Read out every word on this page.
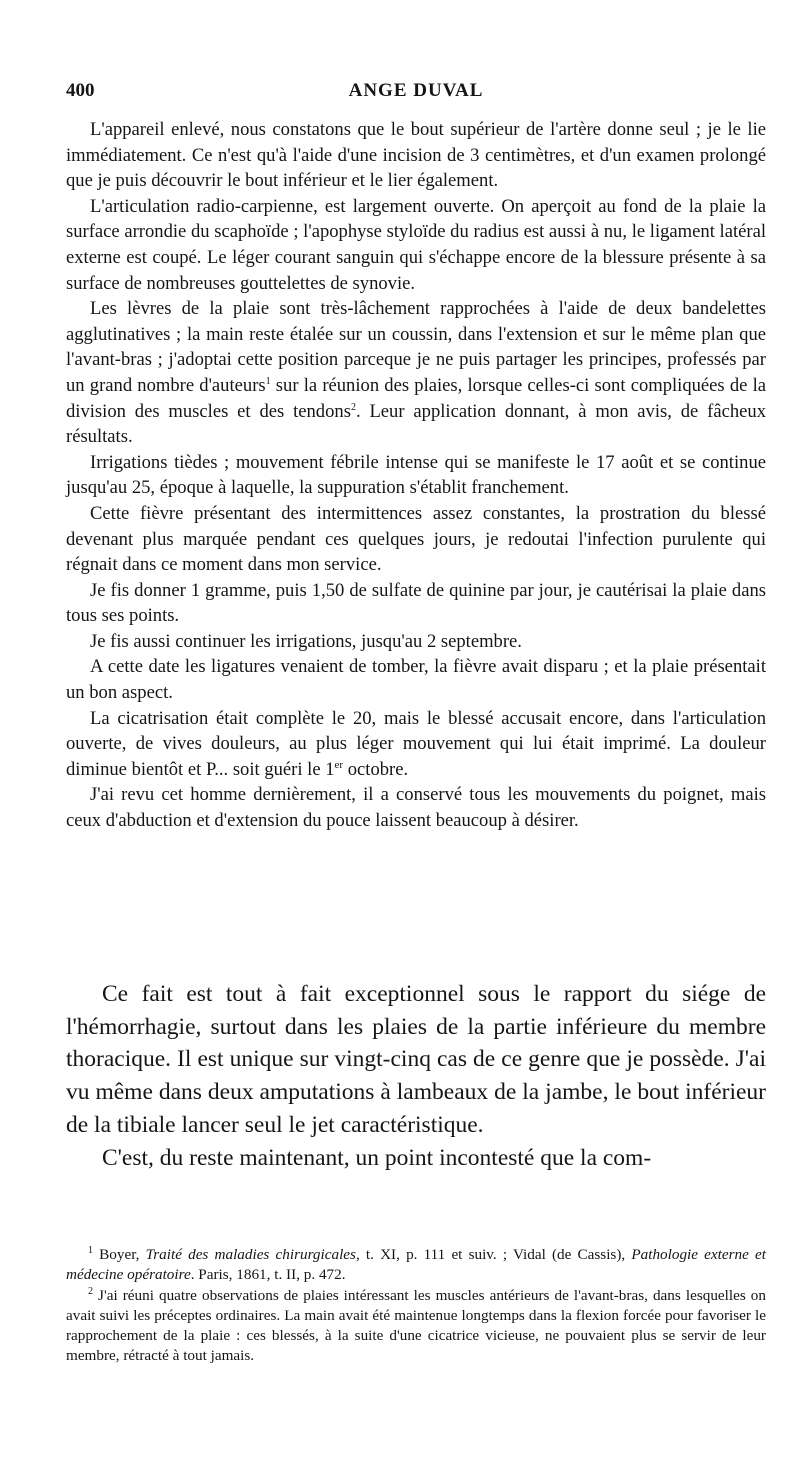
400	ANGE DUVAL

L'appareil enlevé, nous constatons que le bout supérieur de l'artère donne seul ; je le lie immédiatement. Ce n'est qu'à l'aide d'une incision de 3 centimètres, et d'un examen prolongé que je puis découvrir le bout inférieur et le lier également.

L'articulation radio-carpienne, est largement ouverte. On aperçoit au fond de la plaie la surface arrondie du scaphoïde ; l'apophyse styloïde du radius est aussi à nu, le ligament latéral externe est coupé. Le léger courant sanguin qui s'échappe encore de la blessure présente à sa surface de nombreuses gouttelettes de synovie.

Les lèvres de la plaie sont très-lâchement rapprochées à l'aide de deux bandelettes agglutinatives ; la main reste étalée sur un coussin, dans l'extension et sur le même plan que l'avant-bras ; j'adoptai cette position parceque je ne puis partager les principes, professés par un grand nombre d'auteurs$^1$ sur la réunion des plaies, lorsque celles-ci sont compliquées de la division des muscles et des tendons$^2$. Leur application donnant, à mon avis, de fâcheux résultats.

Irrigations tièdes ; mouvement fébrile intense qui se manifeste le 17 août et se continue jusqu'au 25, époque à laquelle, la suppuration s'établit franchement.

Cette fièvre présentant des intermittences assez constantes, la prostration du blessé devenant plus marquée pendant ces quelques jours, je redoutai l'infection purulente qui régnait dans ce moment dans mon service.

Je fis donner 1 gramme, puis 1,50 de sulfate de quinine par jour, je cautérisai la plaie dans tous ses points.

Je fis aussi continuer les irrigations, jusqu'au 2 septembre.

A cette date les ligatures venaient de tomber, la fièvre avait disparu ; et la plaie présentait un bon aspect.

La cicatrisation était complète le 20, mais le blessé accusait encore, dans l'articulation ouverte, de vives douleurs, au plus léger mouvement qui lui était imprimé. La douleur diminue bientôt et P... soit guéri le 1er octobre.

J'ai revu cet homme dernièrement, il a conservé tous les mouvements du poignet, mais ceux d'abduction et d'extension du pouce laissent beaucoup à désirer.

Ce fait est tout à fait exceptionnel sous le rapport du siége de l'hémorrhagie, surtout dans les plaies de la partie inférieure du membre thoracique. Il est unique sur vingt-cinq cas de ce genre que je possède. J'ai vu même dans deux amputations à lambeaux de la jambe, le bout inférieur de la tibiale lancer seul le jet caractéristique.

C'est, du reste maintenant, un point incontesté que la com-

$^1$ Boyer, Traité des maladies chirurgicales, t. XI, p. 111 et suiv. ; Vidal (de Cassis), Pathologie externe et médecine opératoire. Paris, 1861, t. II, p. 472.

$^2$ J'ai réuni quatre observations de plaies intéressant les muscles antérieurs de l'avant-bras, dans lesquelles on avait suivi les préceptes ordinaires. La main avait été maintenue longtemps dans la flexion forcée pour favoriser le rapprochement de la plaie : ces blessés, à la suite d'une cicatrice vicieuse, ne pouvaient plus se servir de leur membre, rétracté à tout jamais.
